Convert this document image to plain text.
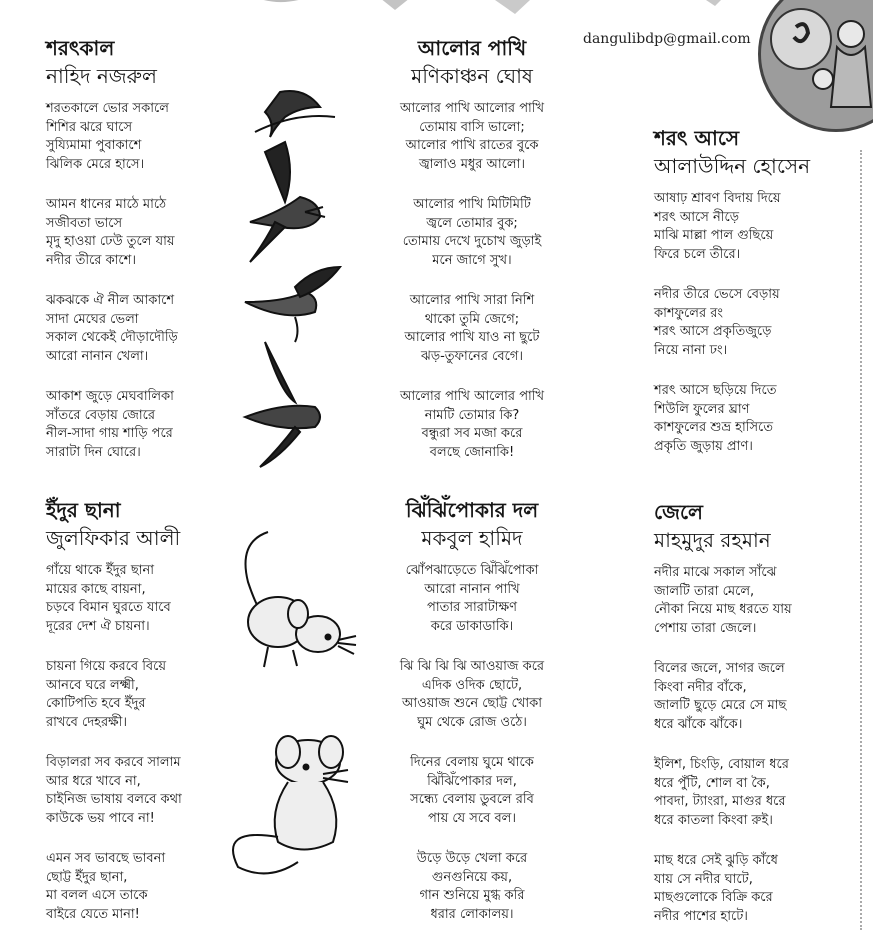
dangulibdp@gmail.com
শরৎকাল
নাহিদ নজরুল
শরতকালে ভোর সকালে
শিশির ঝরে ঘাসে
সুয্যিমামা পুবাকাশে
ঝিলিক মেরে হাসে।
আমন ধানের মাঠে মাঠে
সজীবতা ভাসে
মৃদু হাওয়া ঢেউ তুলে যায়
নদীর তীরে কাশে।
ঝকঝকে ঐ নীল আকাশে
সাদা মেঘের ভেলা
সকাল থেকেই দৌড়াদৌড়ি
আরো নানান খেলা।
আকাশ জুড়ে মেঘবালিকা
সাঁতরে বেড়ায় জোরে
নীল-সাদা গায় শাড়ি পরে
সারাটা দিন ঘোরে।
আলোর পাখি
মণিকাঞ্চন ঘোষ
আলোর পাখি আলোর পাখি
তোমায় বাসি ভালো;
আলোর পাখি রাতের বুকে
জ্বালাও মধুর আলো।
আলোর পাখি মিটিমিটি
জ্বলে তোমার বুক;
তোমায় দেখে দুচোখ জুড়াই
মনে জাগে সুখ।
আলোর পাখি সারা নিশি
থাকো তুমি জেগে;
আলোর পাখি যাও না ছুটে
ঝড়-তুফানের বেগে।
আলোর পাখি আলোর পাখি
নামটি তোমার কি?
বন্ধুরা সব মজা করে
বলছে জোনাকি!
শরৎ আসে
আলাউদ্দিন হোসেন
আষাঢ় শ্রাবণ বিদায় দিয়ে
শরৎ আসে নীড়ে
মাঝি মাল্লা পাল গুছিয়ে
ফিরে চলে তীরে।
নদীর তীরে ভেসে বেড়ায়
কাশফুলের রং
শরৎ আসে প্রকৃতিজুড়ে
নিয়ে নানা ঢং।
শরৎ আসে ছড়িয়ে দিতে
শিউলি ফুলের ঘ্রাণ
কাশফুলের শুভ্র হাসিতে
প্রকৃতি জুড়ায় প্রাণ।
ইঁদুর ছানা
জুলফিকার আলী
গাঁয়ে থাকে ইঁদুর ছানা
মায়ের কাছে বায়না,
চড়বে বিমান ঘুরতে যাবে
দূরের দেশ ঐ চায়না।
চায়না গিয়ে করবে বিয়ে
আনবে ঘরে লক্ষ্মী,
কোটিপতি হবে ইঁদুর
রাখবে দেহরক্ষী।
বিড়ালরা সব করবে সালাম
আর ধরে খাবে না,
চাইনিজ ভাষায় বলবে কথা
কাউকে ভয় পাবে না!
এমন সব ভাবছে ভাবনা
ছোট্ট ইঁদুর ছানা,
মা বলল এসে তাকে
বাইরে যেতে মানা!
ঝিঁঝিঁপোকার দল
মকবুল হামিদ
ঝোঁপঝাড়েতে ঝিঁঝিঁপোকা
আরো নানান পাখি
পাতার সারাটাক্ষণ
করে ডাকাডাকি।
ঝি ঝি ঝি ঝি আওয়াজ করে
এদিক ওদিক ছোটে,
আওয়াজ শুনে ছোট্ট খোকা
ঘুম থেকে রোজ ওঠে।
দিনের বেলায় ঘুমে থাকে
ঝিঁঝিঁপোকার দল,
সন্ধ্যে বেলায় ডুবলে রবি
পায় যে সবে বল।
উড়ে উড়ে খেলা করে
গুনগুনিয়ে কয়,
গান শুনিয়ে মুগ্ধ করি
ধরার লোকালয়।
জেলে
মাহমুদুর রহমান
নদীর মাঝে সকাল সাঁঝে
জালটি তারা মেলে,
নৌকা নিয়ে মাছ ধরতে যায়
পেশায় তারা জেলে।
বিলের জলে, সাগর জলে
কিংবা নদীর বাঁকে,
জালটি ছুড়ে মেরে সে মাছ
ধরে ঝাঁকে ঝাঁকে।
ইলিশ, চিংড়ি, বোয়াল ধরে
ধরে পুঁটি, শোল বা কৈ,
পাবদা, ট্যাংরা, মাগুর ধরে
ধরে কাতলা কিংবা রুই।
মাছ ধরে সেই ঝুড়ি কাঁধে
যায় সে নদীর ঘাটে,
মাছগুলোকে বিক্রি করে
নদীর পাশের হাটে।
